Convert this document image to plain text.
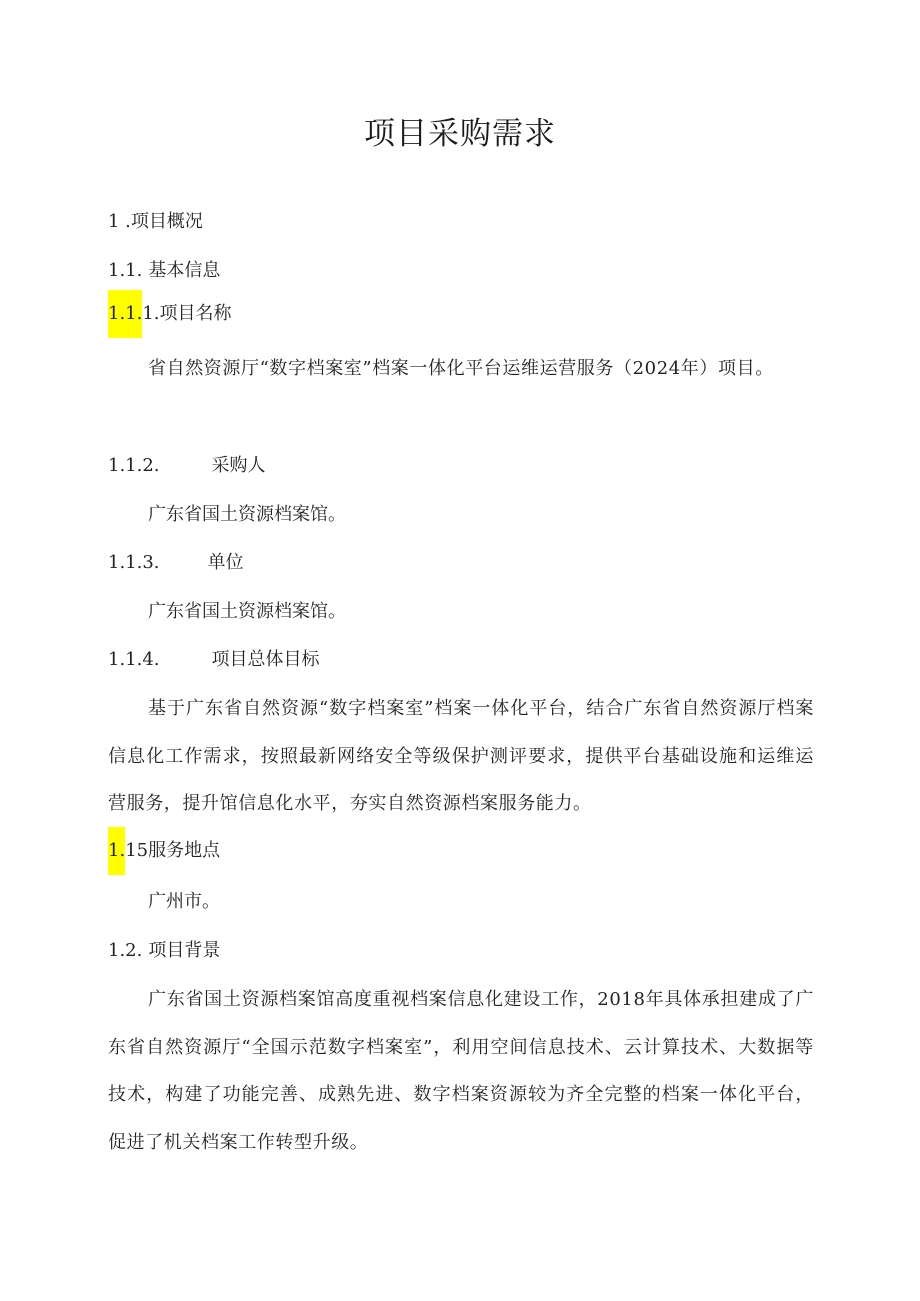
项目采购需求
1 .项目概况
1.1. 基本信息
1.1.1.项目名称

省自然资源厅“数字档案室”档案一体化平台运维运营服务（2024年）项目。

1.1.2.	采购人
广东省国土资源档案馆。
1.1.3.	单位
广东省国土资源档案馆。
1.1.4.	项目总体目标

基于广东省自然资源“数字档案室”档案一体化平台，结合广东省自然资源厅档案信息化工作需求，按照最新网络安全等级保护测评要求，提供平台基础设施和运维运营服务，提升馆信息化水平，夯实自然资源档案服务能力。

1.15服务地点
广州市。
1.2. 项目背景

广东省国土资源档案馆高度重视档案信息化建设工作，2018年具体承担建成了广东省自然资源厅“全国示范数字档案室”，利用空间信息技术、云计算技术、大数据等技术，构建了功能完善、成熟先进、数字档案资源较为齐全完整的档案一体化平台，促进了机关档案工作转型升级。
